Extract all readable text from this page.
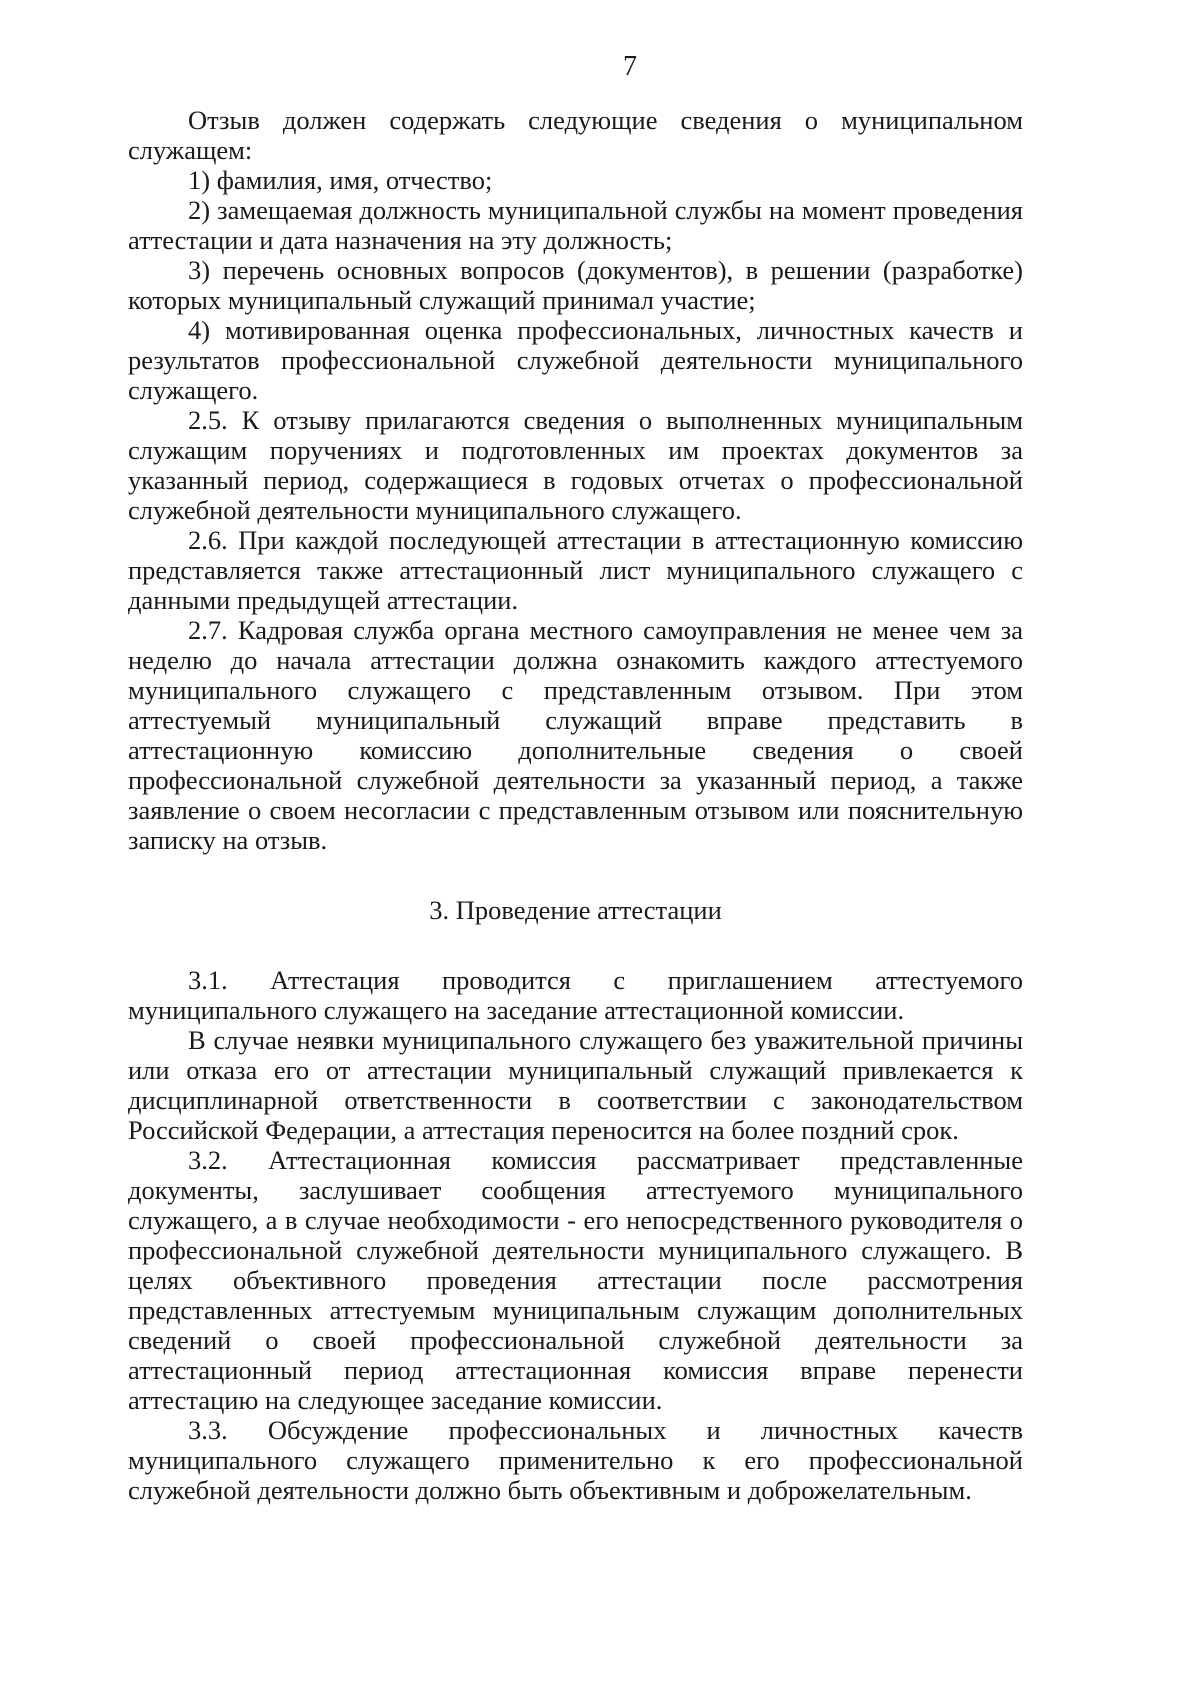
7

Отзыв должен содержать следующие сведения о муниципальном служащем:

1) фамилия, имя, отчество;

2) замещаемая должность муниципальной службы на момент проведения аттестации и дата назначения на эту должность;

3) перечень основных вопросов (документов), в решении (разработке) которых муниципальный служащий принимал участие;

4) мотивированная оценка профессиональных, личностных качеств и результатов профессиональной служебной деятельности муниципального служащего.

2.5. К отзыву прилагаются сведения о выполненных муниципальным служащим поручениях и подготовленных им проектах документов за указанный период, содержащиеся в годовых отчетах о профессиональной служебной деятельности муниципального служащего.

2.6. При каждой последующей аттестации в аттестационную комиссию представляется также аттестационный лист муниципального служащего с данными предыдущей аттестации.

2.7. Кадровая служба органа местного самоуправления не менее чем за неделю до начала аттестации должна ознакомить каждого аттестуемого муниципального служащего с представленным отзывом. При этом аттестуемый муниципальный служащий вправе представить в аттестационную комиссию дополнительные сведения о своей профессиональной служебной деятельности за указанный период, а также заявление о своем несогласии с представленным отзывом или пояснительную записку на отзыв.

3. Проведение аттестации

3.1. Аттестация проводится с приглашением аттестуемого муниципального служащего на заседание аттестационной комиссии.

В случае неявки муниципального служащего без уважительной причины или отказа его от аттестации муниципальный служащий привлекается к дисциплинарной ответственности в соответствии с законодательством Российской Федерации, а аттестация переносится на более поздний срок.

3.2. Аттестационная комиссия рассматривает представленные документы, заслушивает сообщения аттестуемого муниципального служащего, а в случае необходимости - его непосредственного руководителя о профессиональной служебной деятельности муниципального служащего. В целях объективного проведения аттестации после рассмотрения представленных аттестуемым муниципальным служащим дополнительных сведений о своей профессиональной служебной деятельности за аттестационный период аттестационная комиссия вправе перенести аттестацию на следующее заседание комиссии.

3.3. Обсуждение профессиональных и личностных качеств муниципального служащего применительно к его профессиональной служебной деятельности должно быть объективным и доброжелательным.
